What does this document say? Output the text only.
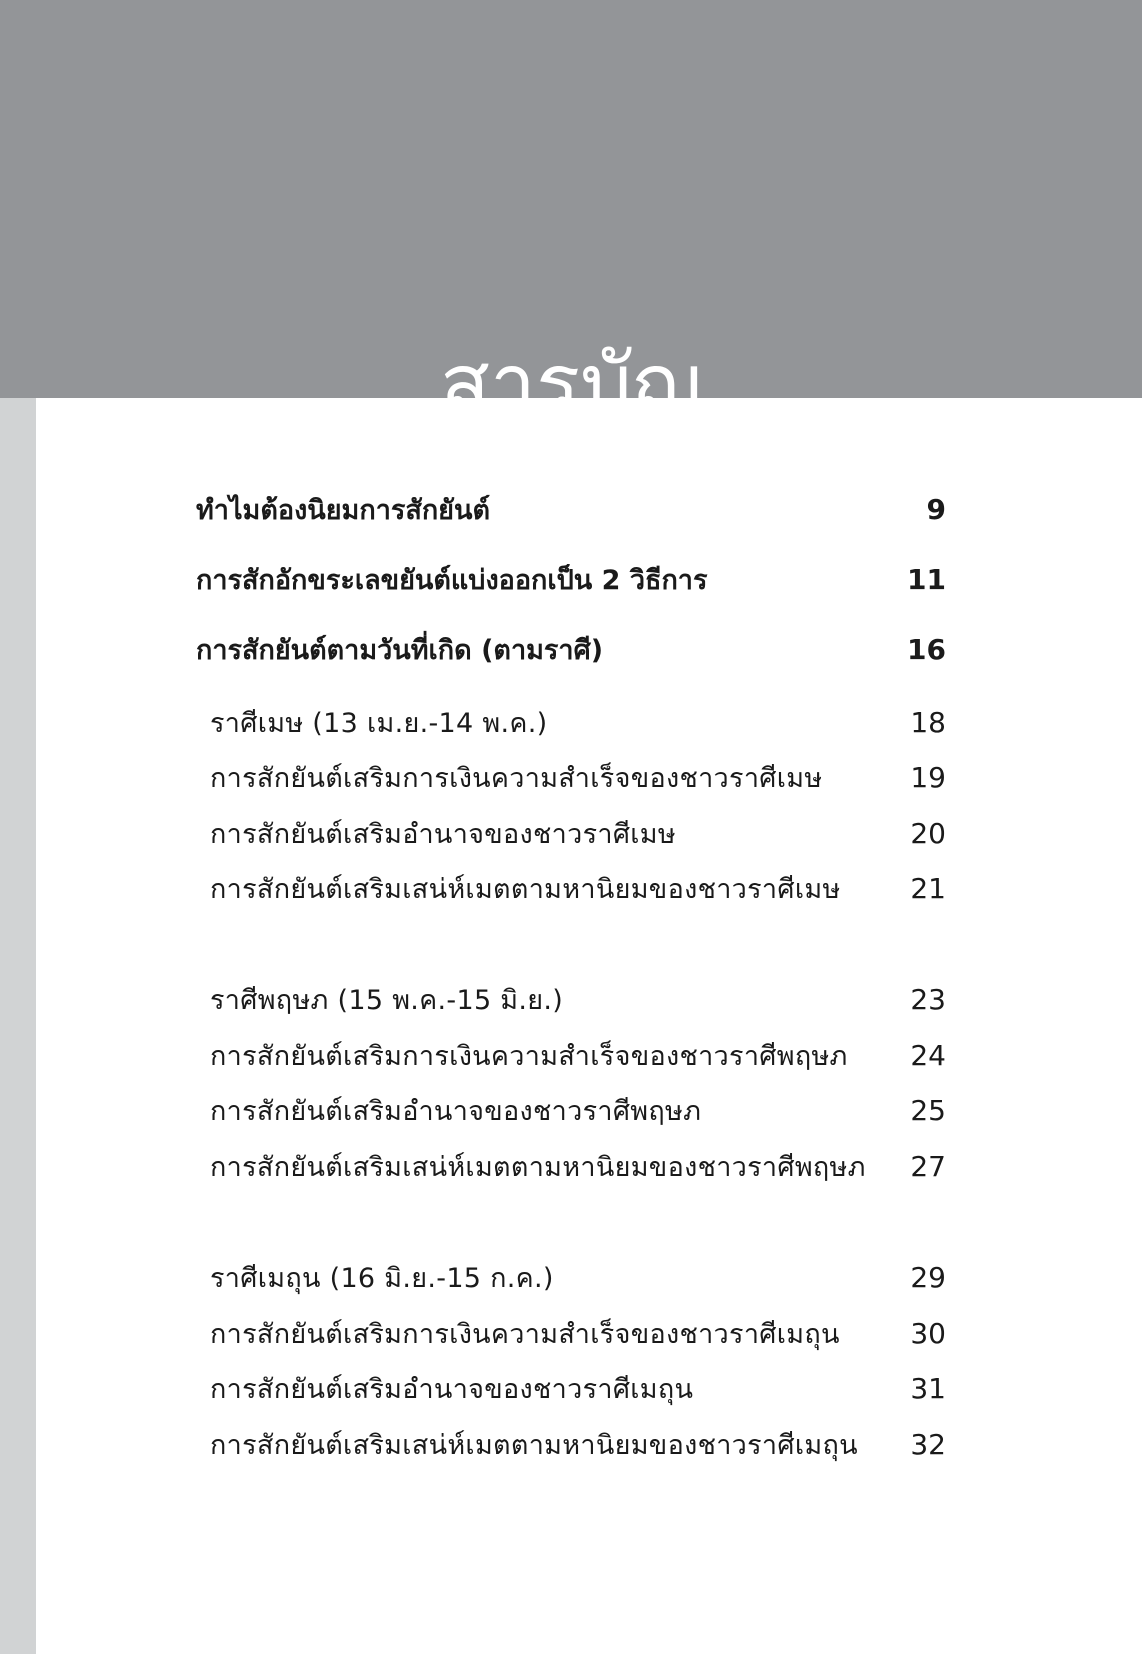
สารบัญ
ทำไมต้องนิยมการสักยันต์	9
การสักอักขระเลขยันต์แบ่งออกเป็น 2 วิธีการ	11
การสักยันต์ตามวันที่เกิด (ตามราศี)	16
ราศีเมษ (13 เม.ย.-14 พ.ค.)	18
การสักยันต์เสริมการเงินความสำเร็จของชาวราศีเมษ	19
การสักยันต์เสริมอำนาจของชาวราศีเมษ	20
การสักยันต์เสริมเสน่ห์เมตตามหานิยมของชาวราศีเมษ 21
ราศีพฤษภ (15 พ.ค.-15 มิ.ย.)	23
การสักยันต์เสริมการเงินความสำเร็จของชาวราศีพฤษภ 24
การสักยันต์เสริมอำนาจของชาวราศีพฤษภ	25
การสักยันต์เสริมเสน่ห์เมตตามหานิยมของชาวราศีพฤษภ 27
ราศีเมถุน (16 มิ.ย.-15 ก.ค.)	29
การสักยันต์เสริมการเงินความสำเร็จของชาวราศีเมถุน	30
การสักยันต์เสริมอำนาจของชาวราศีเมถุน	31
การสักยันต์เสริมเสน่ห์เมตตามหานิยมของชาวราศีเมถุน 32
